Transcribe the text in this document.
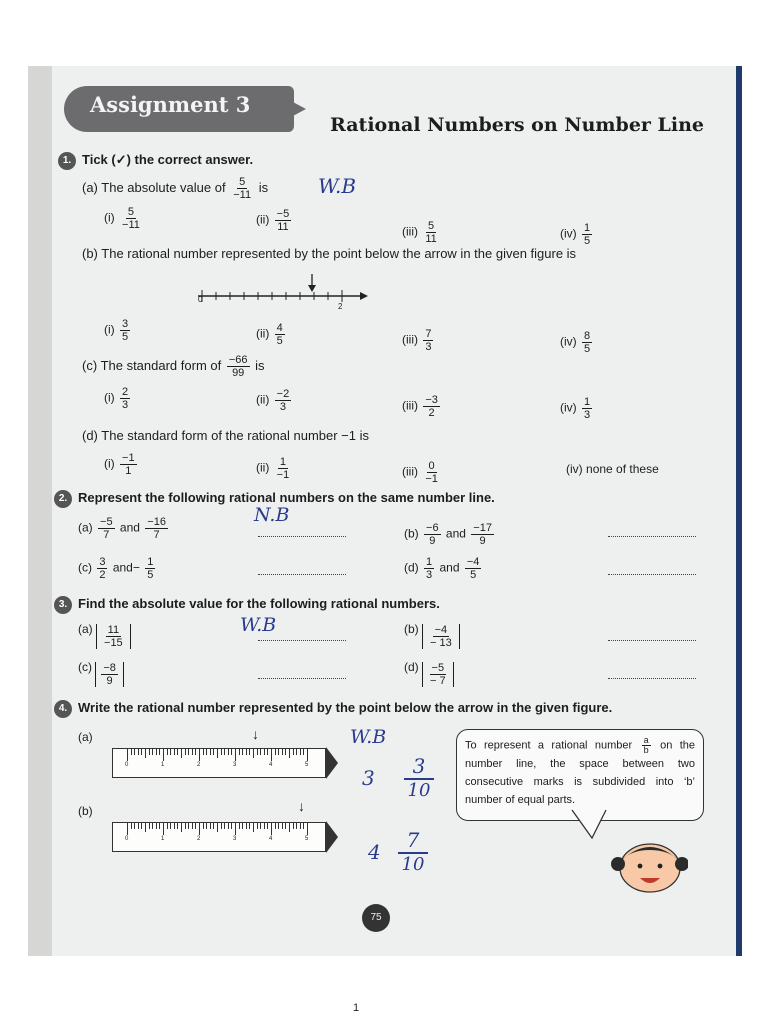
Assignment 3
Rational Numbers on Number Line
1. Tick (✓) the correct answer.
(a) The absolute value of $\frac{5}{-11}$ is W.B
$(i) \frac{5}{-11}$	$(ii) \frac{-5}{11}$	$(iii) \frac{5}{11}$	$(iv) \frac{1}{5}$
(b) The rational number represented by the point below the arrow in the given figure is
0
2
$(i) \frac{3}{5}$	$(ii) \frac{4}{5}$	$(iii) \frac{7}{3}$	$(iv) \frac{8}{5}$
(c) The standard form of $\frac{-66}{99}$ is
$(i) \frac{2}{3}$	$(ii) \frac{-2}{3}$	$(iii) \frac{-3}{2}$	$(iv) \frac{1}{3}$
(d) The standard form of the rational number −1 is
$(i) \frac{-1}{1}$	$(ii) \frac{1}{-1}$	$(iii) \frac{0}{-1}$	(iv) none of these
2. Represent the following rational numbers on the same number line.
N.B
$(a) \frac{-5}{7}$ and $\frac{-16}{7}$	$(b) \frac{-6}{9}$ and $\frac{-17}{9}$
$(c) \frac{3}{2} and- \frac{1}{5}$	$(d) \frac{1}{3}$ and $\frac{-4}{5}$
3. Find the absolute value for the following rational numbers.
$(a) \frac{11}{-15}$	W.B	$(b) \frac{-4}{- 13}$
$(c) \frac{-8}{9}$	$(d) \frac{-5}{- 7}$
4. Write the rational number represented by the point below the arrow in the given figure.
(a)	↓
0	1	2	3	4	5
W.B
3	3
10
(b)	↓
0	1	2	3	4	5
4	7
10
To represent a rational number $\frac{a}{b}$ on the number line, the space between two consecutive marks is subdivided into ‘b’ number of equal parts.
75
1
